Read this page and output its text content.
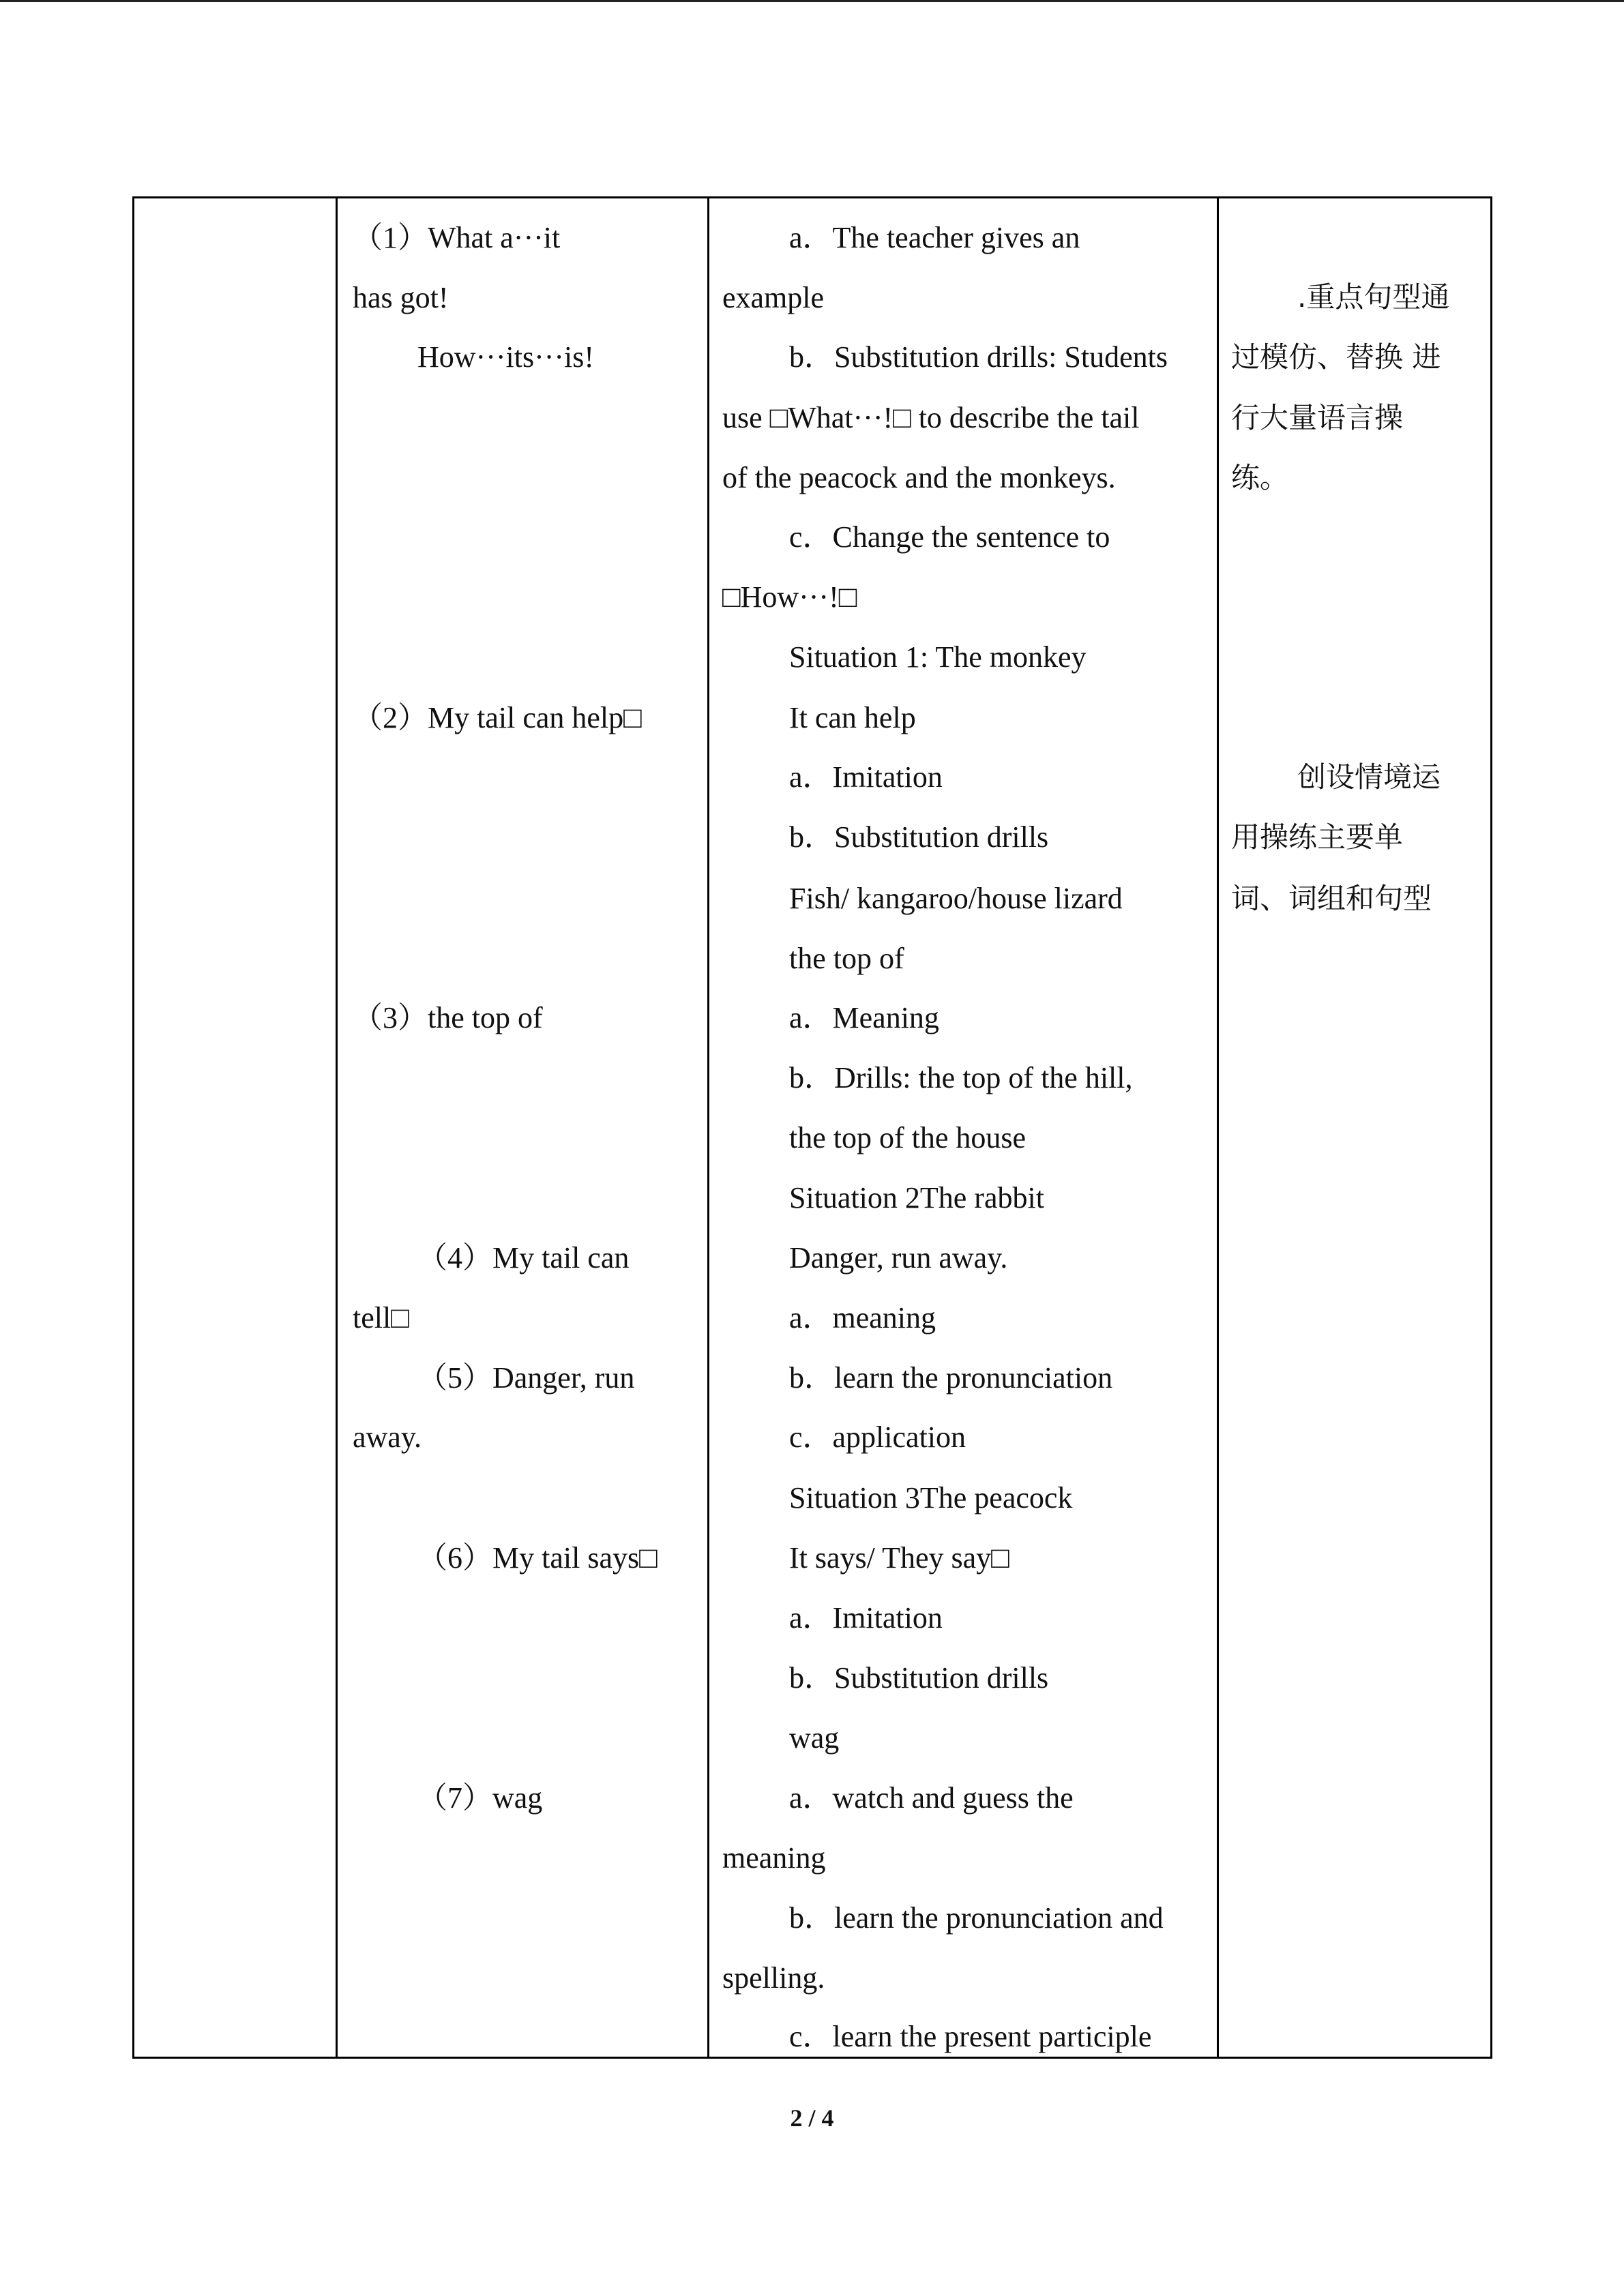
（1）What a···it
has got!
How···its···is!
（2）My tail can help□
（3）the top of
（4）My tail can
tell□
（5）Danger, run
away.
（6）My tail says□
（7）wag
a．The teacher gives an
example
b．Substitution drills: Students
use □What···!□ to describe the tail
of the peacock and the monkeys.
c．Change the sentence to
□How···!□
Situation 1: The monkey
It can help
a．Imitation
b．Substitution drills
Fish/ kangaroo/house lizard
the top of
a．Meaning
b．Drills: the top of the hill,
the top of the house
Situation 2The rabbit
Danger, run away.
a．meaning
b．learn the pronunciation
c．application
Situation 3The peacock
It says/ They say□
a．Imitation
b．Substitution drills
wag
a．watch and guess the
meaning
b．learn the pronunciation and
spelling.
c．learn the present participle
.重点句型通
过模仿、替换 进
行大量语言操
练。
创设情境运
用操练主要单
词、词组和句型
2 / 4
